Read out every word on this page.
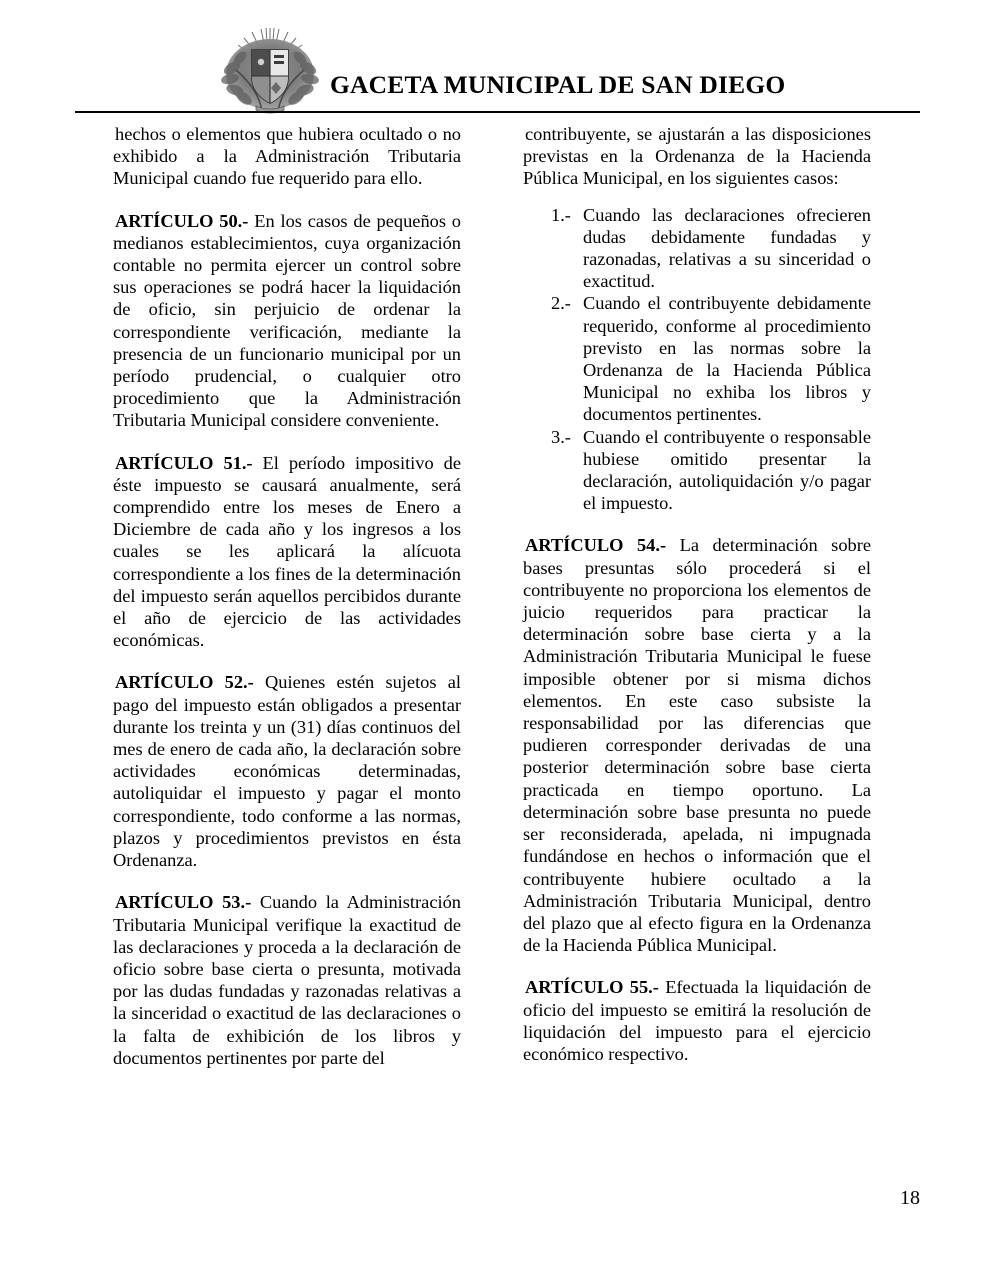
GACETA MUNICIPAL DE SAN DIEGO

hechos o elementos que hubiera ocultado o no exhibido a la Administración Tributaria Municipal cuando fue requerido para ello.

ARTÍCULO 50.- En los casos de pequeños o medianos establecimientos, cuya organización contable no permita ejercer un control sobre sus operaciones se podrá hacer la liquidación de oficio, sin perjuicio de ordenar la correspondiente verificación, mediante la presencia de un funcionario municipal por un período prudencial, o cualquier otro procedimiento que la Administración Tributaria Municipal considere conveniente.

ARTÍCULO 51.- El período impositivo de éste impuesto se causará anualmente, será comprendido entre los meses de Enero a Diciembre de cada año y los ingresos a los cuales se les aplicará la alícuota correspondiente a los fines de la determinación del impuesto serán aquellos percibidos durante el año de ejercicio de las actividades económicas.

ARTÍCULO 52.- Quienes estén sujetos al pago del impuesto están obligados a presentar durante los treinta y un (31) días continuos del mes de enero de cada año, la declaración sobre actividades económicas determinadas, autoliquidar el impuesto y pagar el monto correspondiente, todo conforme a las normas, plazos y procedimientos previstos en ésta Ordenanza.

ARTÍCULO 53.- Cuando la Administración Tributaria Municipal verifique la exactitud de las declaraciones y proceda a la declaración de oficio sobre base cierta o presunta, motivada por las dudas fundadas y razonadas relativas a la sinceridad o exactitud de las declaraciones o la falta de exhibición de los libros y documentos pertinentes por parte del

contribuyente, se ajustarán a las disposiciones previstas en la Ordenanza de la Hacienda Pública Municipal, en los siguientes casos:

1.- Cuando las declaraciones ofrecieren dudas debidamente fundadas y razonadas, relativas a su sinceridad o exactitud.
2.- Cuando el contribuyente debidamente requerido, conforme al procedimiento previsto en las normas sobre la Ordenanza de la Hacienda Pública Municipal no exhiba los libros y documentos pertinentes.
3.- Cuando el contribuyente o responsable hubiese omitido presentar la declaración, autoliquidación y/o pagar el impuesto.

ARTÍCULO 54.- La determinación sobre bases presuntas sólo procederá si el contribuyente no proporciona los elementos de juicio requeridos para practicar la determinación sobre base cierta y a la Administración Tributaria Municipal le fuese imposible obtener por si misma dichos elementos. En este caso subsiste la responsabilidad por las diferencias que pudieren corresponder derivadas de una posterior determinación sobre base cierta practicada en tiempo oportuno. La determinación sobre base presunta no puede ser reconsiderada, apelada, ni impugnada fundándose en hechos o información que el contribuyente hubiere ocultado a la Administración Tributaria Municipal, dentro del plazo que al efecto figura en la Ordenanza de la Hacienda Pública Municipal.

ARTÍCULO 55.- Efectuada la liquidación de oficio del impuesto se emitirá la resolución de liquidación del impuesto para el ejercicio económico respectivo.

18
